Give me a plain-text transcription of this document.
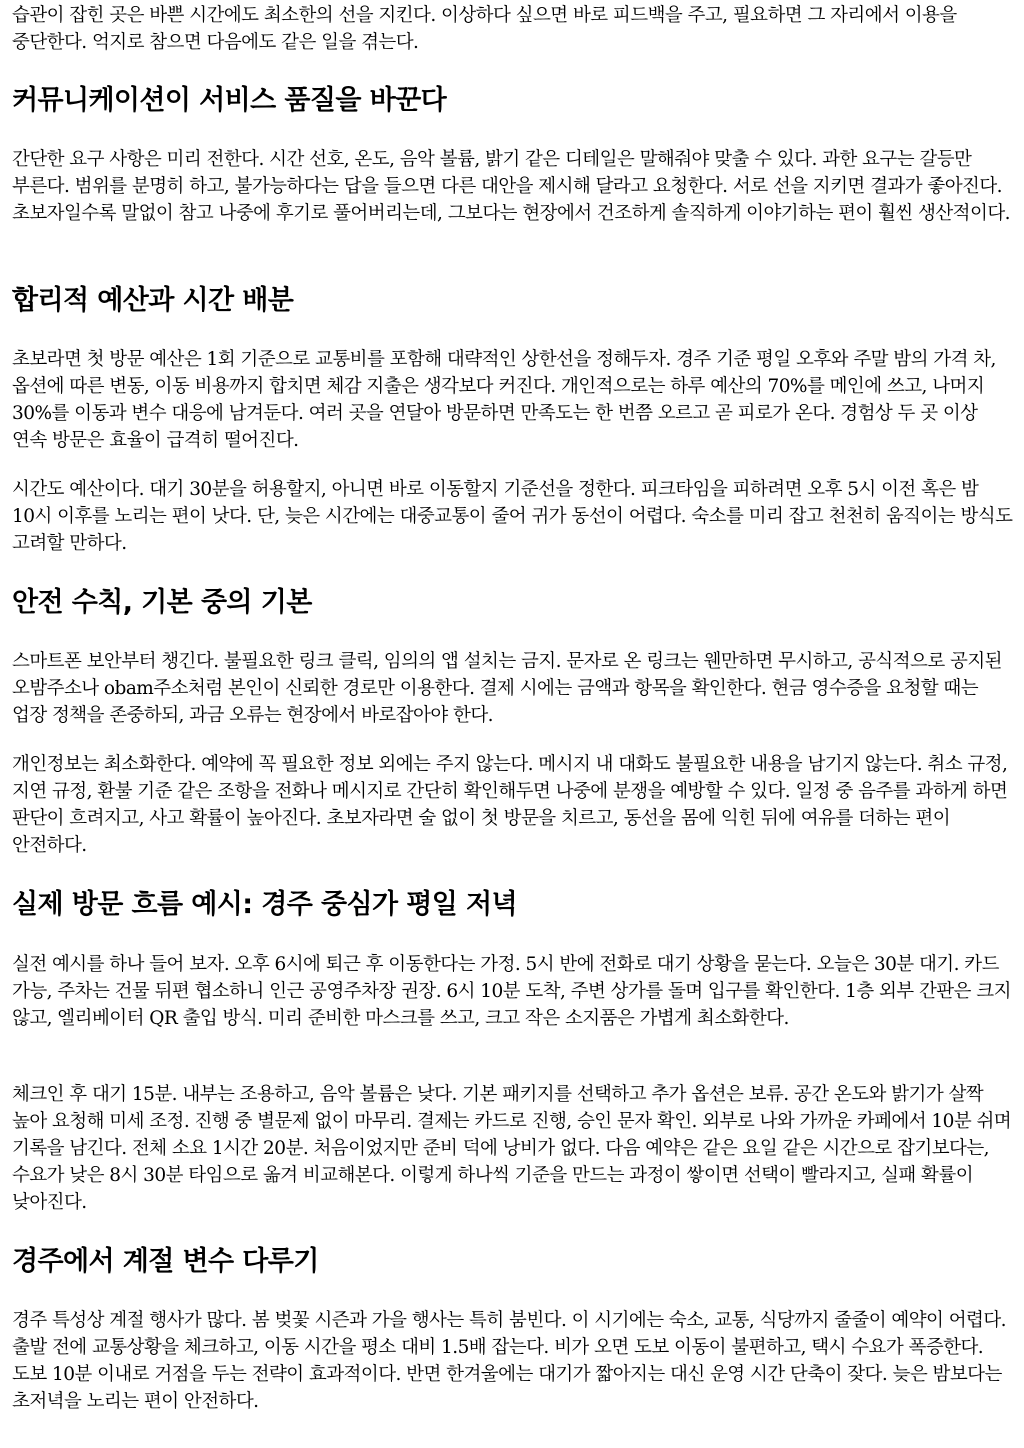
습관이 잡힌 곳은 바쁜 시간에도 최소한의 선을 지킨다. 이상하다 싶으면 바로 피드백을 주고, 필요하면 그 자리에서 이용을 중단한다. 억지로 참으면 다음에도 같은 일을 겪는다.

커뮤니케이션이 서비스 품질을 바꾼다

간단한 요구 사항은 미리 전한다. 시간 선호, 온도, 음악 볼륨, 밝기 같은 디테일은 말해줘야 맞출 수 있다. 과한 요구는 갈등만 부른다. 범위를 분명히 하고, 불가능하다는 답을 들으면 다른 대안을 제시해 달라고 요청한다. 서로 선을 지키면 결과가 좋아진다. 초보자일수록 말없이 참고 나중에 후기로 풀어버리는데, 그보다는 현장에서 건조하게 솔직하게 이야기하는 편이 훨씬 생산적이다.

합리적 예산과 시간 배분

초보라면 첫 방문 예산은 1회 기준으로 교통비를 포함해 대략적인 상한선을 정해두자. 경주 기준 평일 오후와 주말 밤의 가격 차, 옵션에 따른 변동, 이동 비용까지 합치면 체감 지출은 생각보다 커진다. 개인적으로는 하루 예산의 70%를 메인에 쓰고, 나머지 30%를 이동과 변수 대응에 남겨둔다. 여러 곳을 연달아 방문하면 만족도는 한 번쯤 오르고 곧 피로가 온다. 경험상 두 곳 이상 연속 방문은 효율이 급격히 떨어진다.

시간도 예산이다. 대기 30분을 허용할지, 아니면 바로 이동할지 기준선을 정한다. 피크타임을 피하려면 오후 5시 이전 혹은 밤 10시 이후를 노리는 편이 낫다. 단, 늦은 시간에는 대중교통이 줄어 귀가 동선이 어렵다. 숙소를 미리 잡고 천천히 움직이는 방식도 고려할 만하다.

안전 수칙, 기본 중의 기본

스마트폰 보안부터 챙긴다. 불필요한 링크 클릭, 임의의 앱 설치는 금지. 문자로 온 링크는 웬만하면 무시하고, 공식적으로 공지된 오밤주소나 obam주소처럼 본인이 신뢰한 경로만 이용한다. 결제 시에는 금액과 항목을 확인한다. 현금 영수증을 요청할 때는 업장 정책을 존중하되, 과금 오류는 현장에서 바로잡아야 한다.

개인정보는 최소화한다. 예약에 꼭 필요한 정보 외에는 주지 않는다. 메시지 내 대화도 불필요한 내용을 남기지 않는다. 취소 규정, 지연 규정, 환불 기준 같은 조항을 전화나 메시지로 간단히 확인해두면 나중에 분쟁을 예방할 수 있다. 일정 중 음주를 과하게 하면 판단이 흐려지고, 사고 확률이 높아진다. 초보자라면 술 없이 첫 방문을 치르고, 동선을 몸에 익힌 뒤에 여유를 더하는 편이 안전하다.

실제 방문 흐름 예시: 경주 중심가 평일 저녁

실전 예시를 하나 들어 보자. 오후 6시에 퇴근 후 이동한다는 가정. 5시 반에 전화로 대기 상황을 묻는다. 오늘은 30분 대기. 카드 가능, 주차는 건물 뒤편 협소하니 인근 공영주차장 권장. 6시 10분 도착, 주변 상가를 돌며 입구를 확인한다. 1층 외부 간판은 크지 않고, 엘리베이터 QR 출입 방식. 미리 준비한 마스크를 쓰고, 크고 작은 소지품은 가볍게 최소화한다.

체크인 후 대기 15분. 내부는 조용하고, 음악 볼륨은 낮다. 기본 패키지를 선택하고 추가 옵션은 보류. 공간 온도와 밝기가 살짝 높아 요청해 미세 조정. 진행 중 별문제 없이 마무리. 결제는 카드로 진행, 승인 문자 확인. 외부로 나와 가까운 카페에서 10분 쉬며 기록을 남긴다. 전체 소요 1시간 20분. 처음이었지만 준비 덕에 낭비가 없다. 다음 예약은 같은 요일 같은 시간으로 잡기보다는, 수요가 낮은 8시 30분 타임으로 옮겨 비교해본다. 이렇게 하나씩 기준을 만드는 과정이 쌓이면 선택이 빨라지고, 실패 확률이 낮아진다.

경주에서 계절 변수 다루기

경주 특성상 계절 행사가 많다. 봄 벚꽃 시즌과 가을 행사는 특히 붐빈다. 이 시기에는 숙소, 교통, 식당까지 줄줄이 예약이 어렵다. 출발 전에 교통상황을 체크하고, 이동 시간을 평소 대비 1.5배 잡는다. 비가 오면 도보 이동이 불편하고, 택시 수요가 폭증한다. 도보 10분 이내로 거점을 두는 전략이 효과적이다. 반면 한겨울에는 대기가 짧아지는 대신 운영 시간 단축이 잦다. 늦은 밤보다는 초저녁을 노리는 편이 안전하다.
